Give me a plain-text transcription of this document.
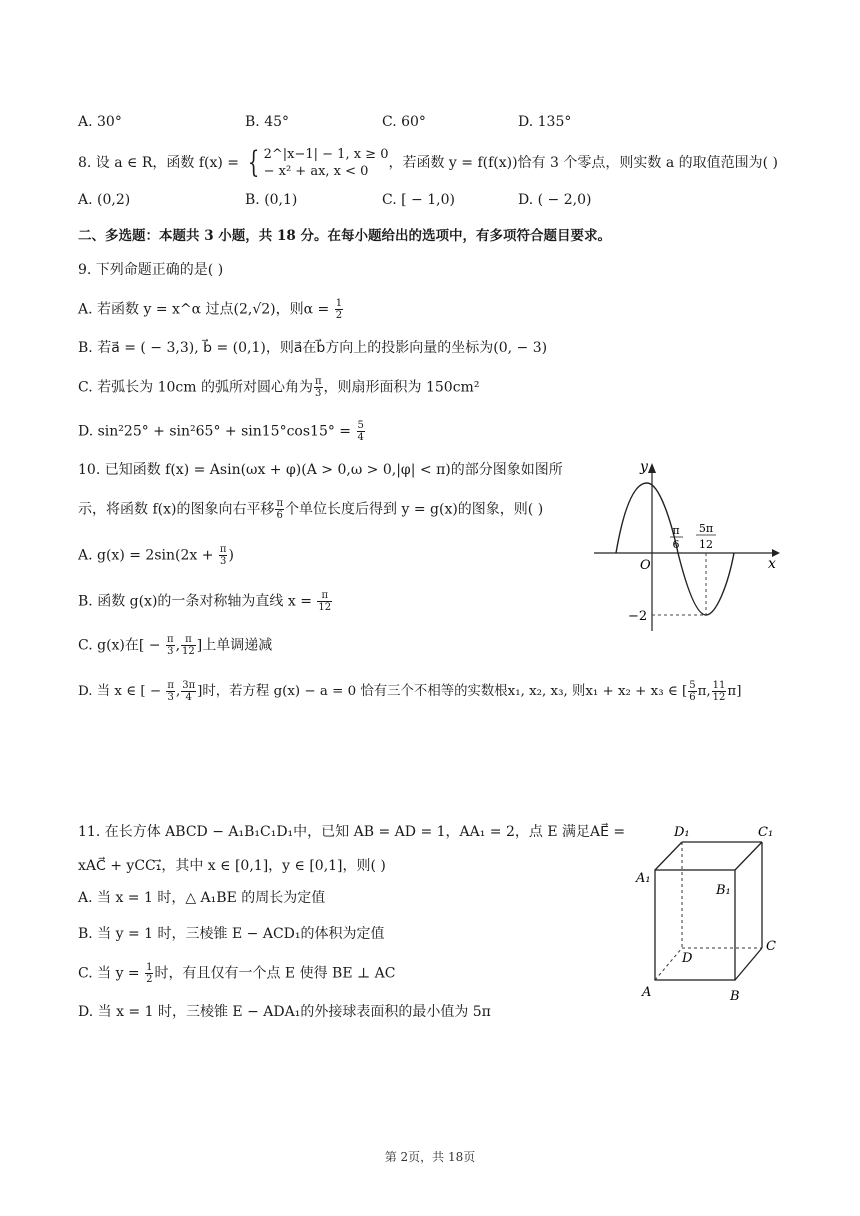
A. 30°	B. 45°	C. 60°	D. 135°
8. 设 a ∈ R，函数 f(x) = { 2^|x−1| − 1, x ≥ 0
− x² + ax, x < 0
，若函数 y = f(f(x))恰有 3 个零点，则实数 a 的取值范围为( )
A. (0,2)	B. (0,1)	C. [ − 1,0)	D. ( − 2,0)
二、多选题：本题共 3 小题，共 18 分。在每小题给出的选项中，有多项符合题目要求。
9. 下列命题正确的是( )
A. 若函数 y = x^α 过点(2,√2)，则$\alpha = \frac{1}{2}$
B. 若a⃗ = ( − 3,3), b⃗ = (0,1)，则a⃗在b⃗方向上的投影向量的坐标为(0, − 3)
C. 若弧长为 10cm 的弧所对圆心角为 $\frac{\pi}{3}$ ，则扇形面积为 150cm²
D. $\sin^225^\circ + \sin^265^\circ + \sin 15^\circ\cos 15^\circ = \frac{5}{4}$
10. 已知函数 f(x) = Asin(ωx + φ)(A > 0,ω > 0,|φ| < π)的部分图象如图所
示，将函数 f(x)的图象向右平移 $\frac{\pi}{6}$ 个单位长度后得到 y = g(x)的图象，则( )
A. $g(x) = 2\sin(2x + \frac{\pi}{3}$ )
B. 函数 g(x)的一条对称轴为直线 $x = \frac{\pi}{12}$
C. g(x)在[ − $\frac{\pi}{3}$ , $\frac{\pi}{12}$ ]上单调递减
D. 当 x ∈ [ − $\frac{\pi}{3}$ , $\frac{3\pi}{4}$ ]时，若方程 g(x) − a = 0 恰有三个不相等的实数根x₁, x₂, x₃, 则x₁ + x₂ + x₃ ∈ [ $\frac{5}{6} \pi$, $\frac{11}{12} \pi$]
y
x
O
π
6
5π
12
−2
11. 在长方体 ABCD − A₁B₁C₁D₁中，已知 AB = AD = 1，AA₁ = 2，点 E 满足AE⃗ =
xAC⃗ + yCC₁⃗，其中 x ∈ [0,1]，y ∈ [0,1]，则( )
A. 当 x = 1 时，△ A₁BE 的周长为定值
B. 当 y = 1 时，三棱锥 E − ACD₁的体积为定值
C. 当 $y = \frac{1}{2}$ 时，有且仅有一个点 E 使得 BE ⊥ AC
D. 当 x = 1 时，三棱锥 E − ADA₁的外接球表面积的最小值为 5π
D₁	C₁
A₁
B₁
C
D
A	B
第 2页，共 18页
